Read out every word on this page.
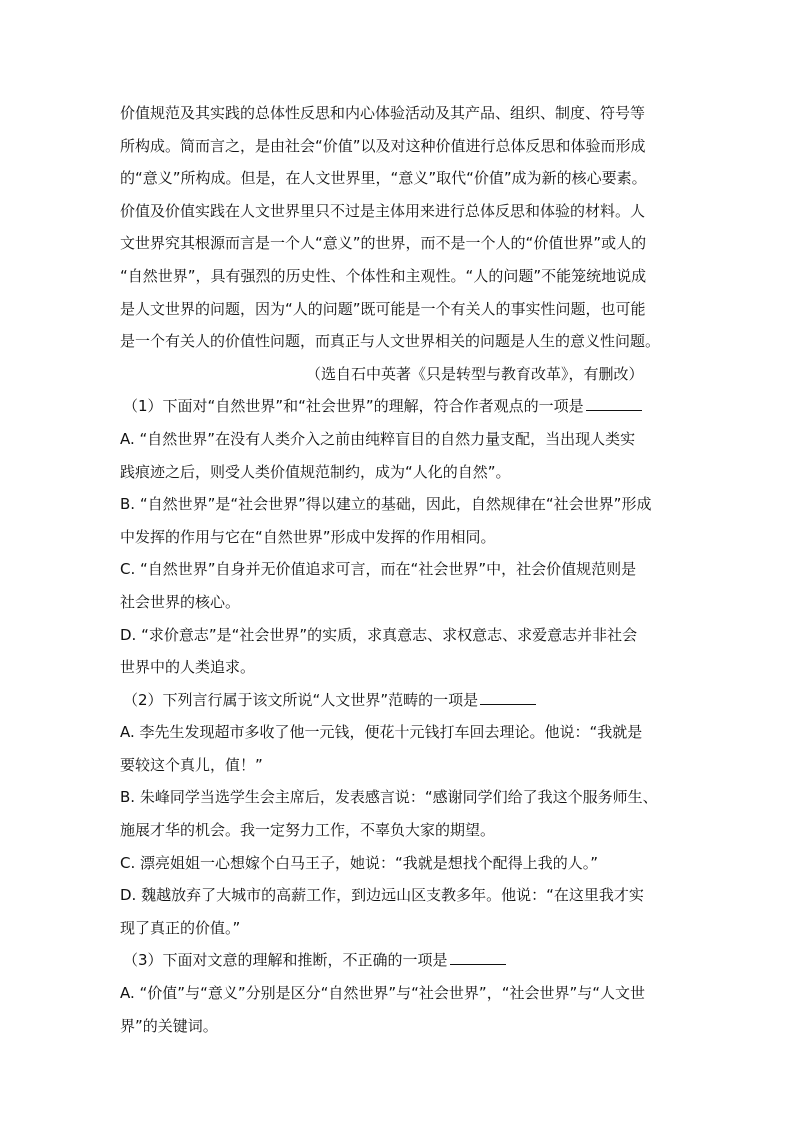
价值规范及其实践的总体性反思和内心体验活动及其产品、组织、制度、符号等
所构成。简而言之，是由社会“价值”以及对这种价值进行总体反思和体验而形成
的“意义”所构成。但是，在人文世界里，“意义”取代“价值”成为新的核心要素。
价值及价值实践在人文世界里只不过是主体用来进行总体反思和体验的材料。人
文世界究其根源而言是一个人“意义”的世界，而不是一个人的“价值世界”或人的
“自然世界”，具有强烈的历史性、个体性和主观性。“人的问题”不能笼统地说成
是人文世界的问题，因为“人的问题”既可能是一个有关人的事实性问题，也可能
是一个有关人的价值性问题，而真正与人文世界相关的问题是人生的意义性问题。
（选自石中英著《只是转型与教育改革》，有删改）
（1）下面对“自然世界”和“社会世界”的理解，符合作者观点的一项是
A. “自然世界”在没有人类介入之前由纯粹盲目的自然力量支配，当出现人类实
践痕迹之后，则受人类价值规范制约，成为“人化的自然”。
B. “自然世界”是“社会世界”得以建立的基础，因此，自然规律在“社会世界”形成
中发挥的作用与它在“自然世界”形成中发挥的作用相同。
C. “自然世界”自身并无价值追求可言，而在“社会世界”中，社会价值规范则是
社会世界的核心。
D. “求价意志”是“社会世界”的实质，求真意志、求权意志、求爱意志并非社会
世界中的人类追求。
（2）下列言行属于该文所说“人文世界”范畴的一项是
A. 李先生发现超市多收了他一元钱，便花十元钱打车回去理论。他说：“我就是
要较这个真儿，值！”
B. 朱峰同学当选学生会主席后，发表感言说：“感谢同学们给了我这个服务师生、
施展才华的机会。我一定努力工作，不辜负大家的期望。
C. 漂亮姐姐一心想嫁个白马王子，她说：“我就是想找个配得上我的人。”
D. 魏越放弃了大城市的高薪工作，到边远山区支教多年。他说：“在这里我才实
现了真正的价值。”
（3）下面对文意的理解和推断，不正确的一项是
A. “价值”与“意义”分别是区分“自然世界”与“社会世界”，“社会世界”与“人文世
界”的关键词。
